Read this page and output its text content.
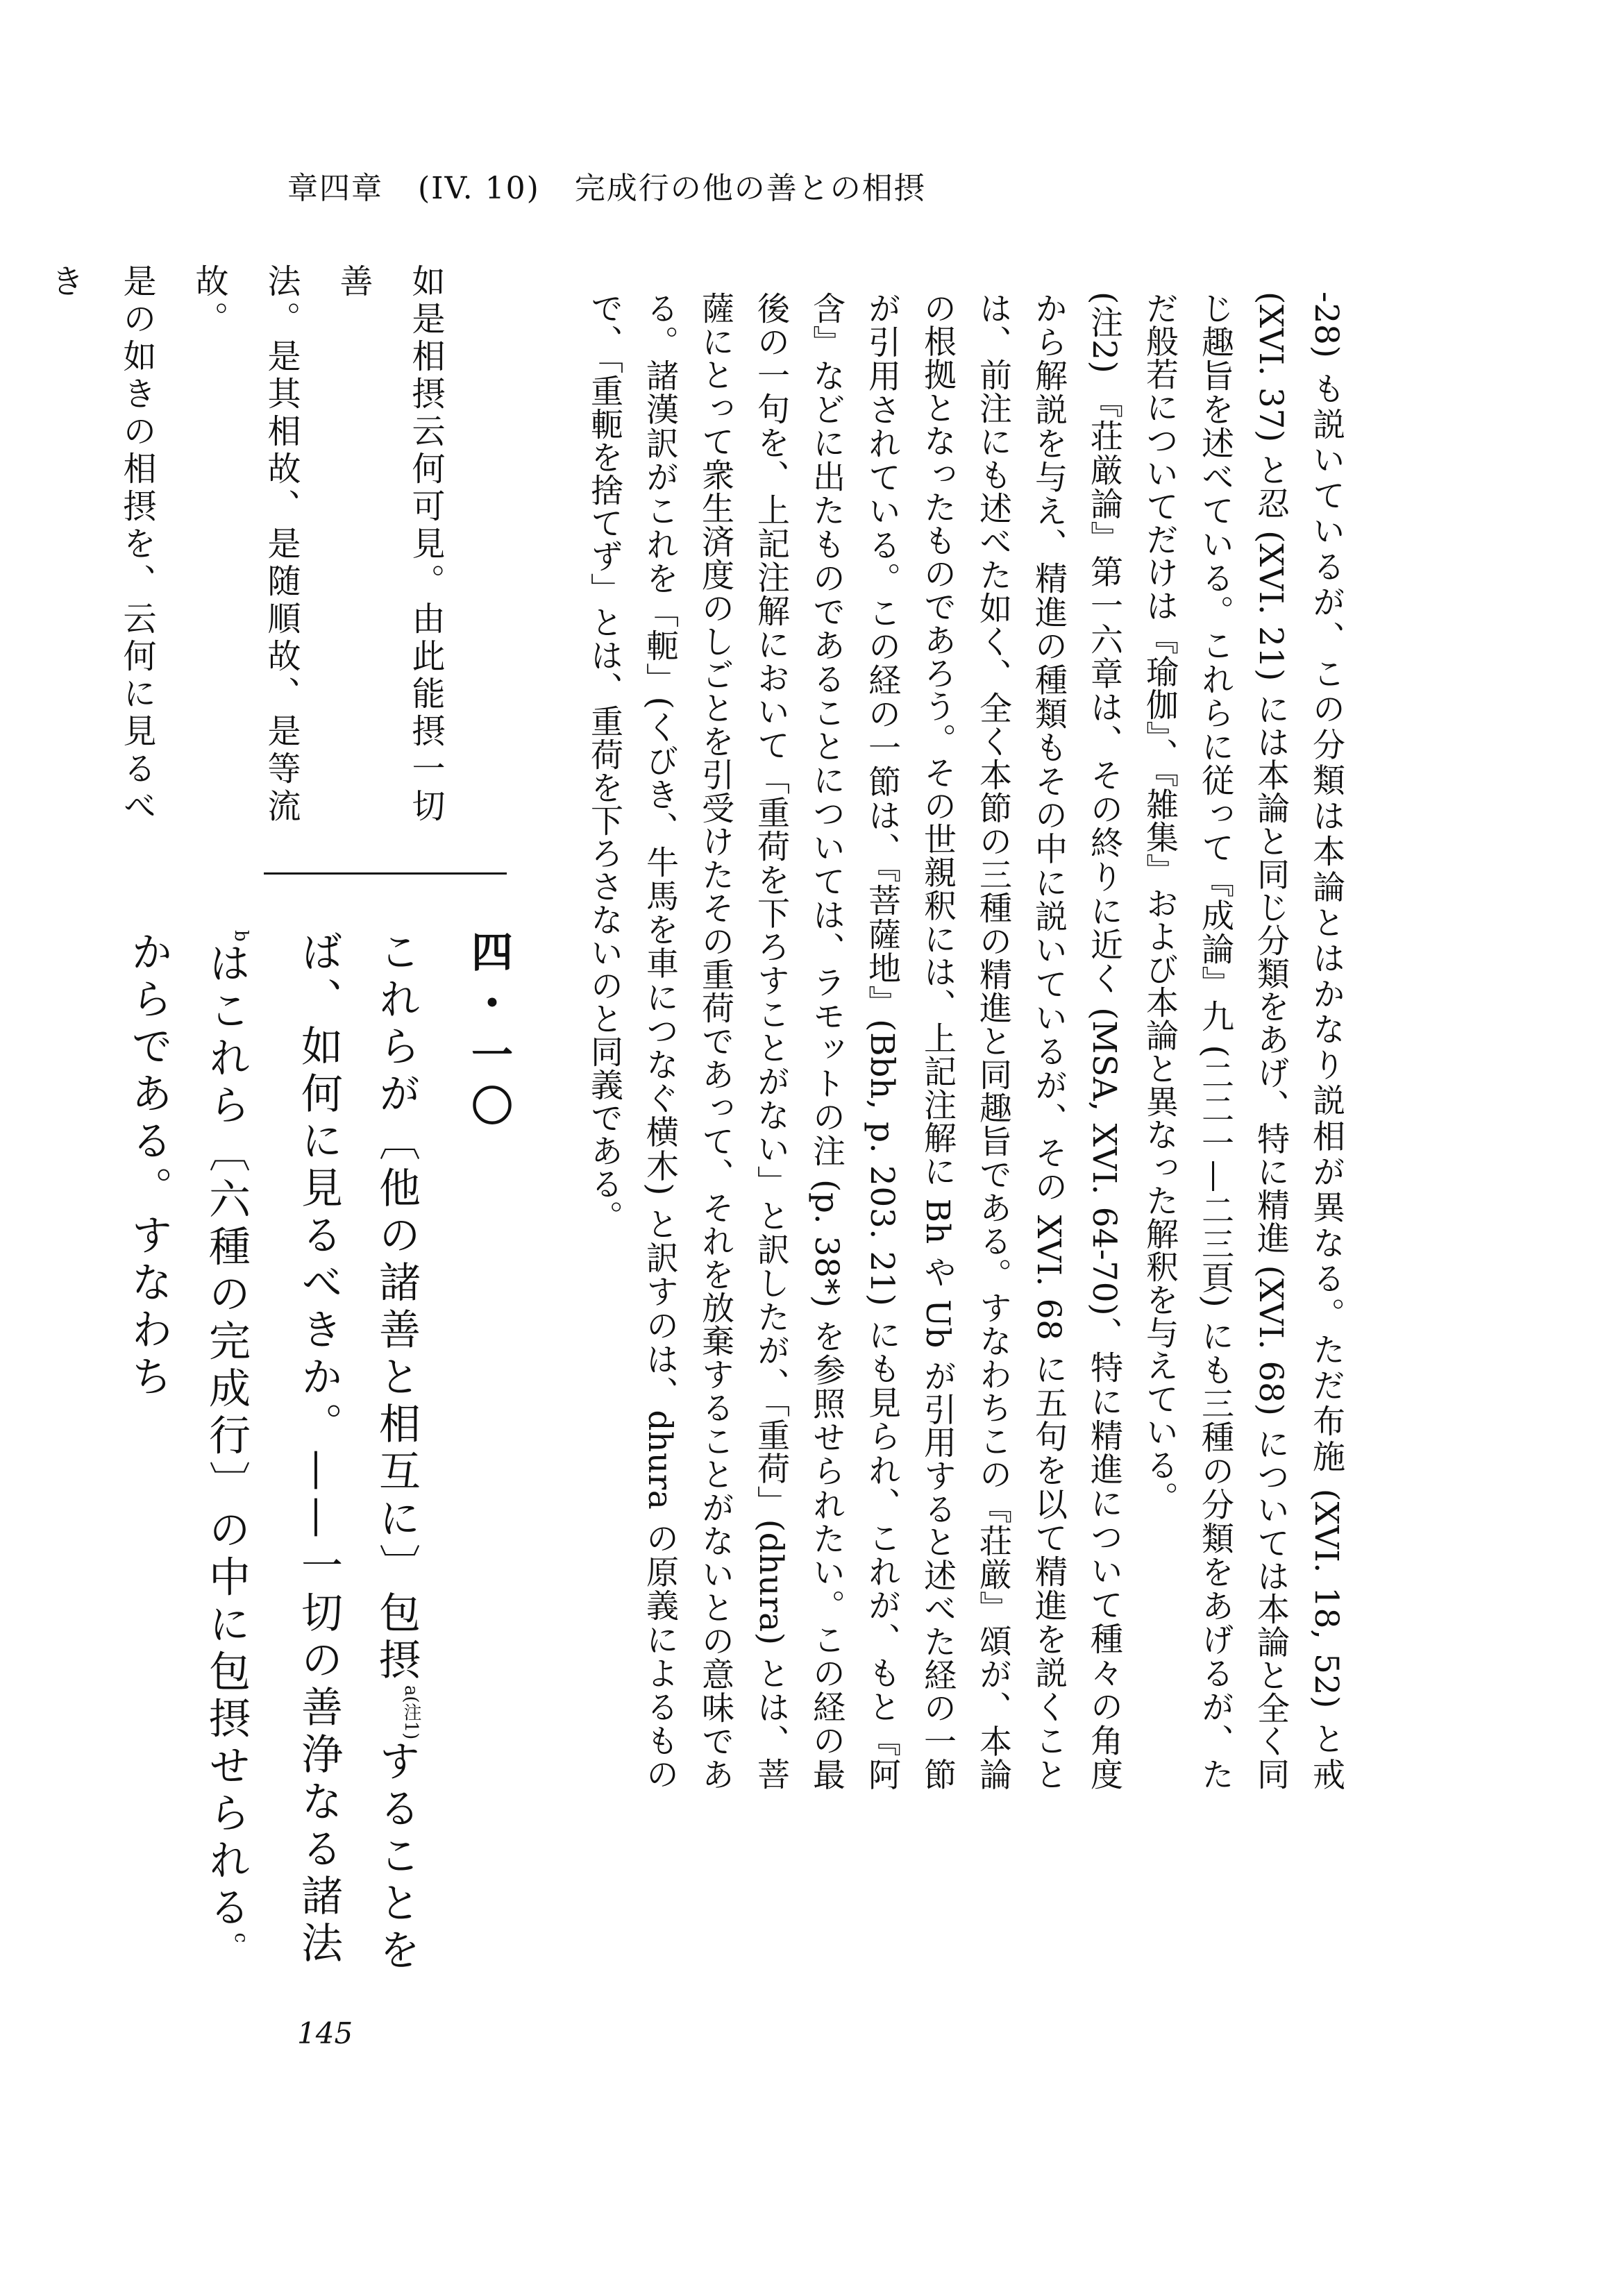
章四章 (IV. 10) 完成行の他の善との相摂

-28) も説いているが、この分類は本論とはかなり説相が異なる。ただ布施 (XVI. 18, 52) と戒 (XVI. 37) と忍 (XVI. 21) には本論と同じ分類をあげ、特に精進 (XVI. 68) については本論と全く同じ趣旨を述べている。これらに従って『成論』九 (二二一—二三頁) にも三種の分類をあげるが、ただ般若についてだけは『瑜伽』、『雑集』および本論と異なった解釈を与えている。

(注2) 『荘厳論』第一六章は、その終りに近く (MSA, XVI. 64-70)、特に精進について種々の角度から解説を与え、精進の種類もその中に説いているが、その XVI. 68 に五句を以て精進を説くことは、前注にも述べた如く、全く本節の三種の精進と同趣旨である。すなわちこの『荘厳』頌が、本論の根拠となったものであろう。その世親釈には、上記注解に Bh や Ub が引用すると述べた経の一節が引用されている。この経の一節は、『菩薩地』(Bbh, p. 203. 21) にも見られ、これが、もと『阿含』などに出たものであることについては、ラモットの注 (p. 38*) を参照せられたい。この経の最後の一句を、上記注解において「重荷を下ろすことがない」と訳したが、「重荷」(dhura) とは、菩薩にとって衆生済度のしごとを引受けたその重荷であって、それを放棄することがないとの意味である。諸漢訳がこれを「軛」(くびき、牛馬を車につなぐ横木) と訳すのは、dhura の原義によるもので、「重軛を捨てず」とは、重荷を下ろさないのと同義である。

如是相摂云何可見。由此能摂一切善

法。是其相故、是随順故、是等流故。

是の如きの相摂を、云何に見るべき

四・一〇
これらが〔他の諸善と相互に〕包摂$^{a(注1)}$することをば、如何に見るべきか。——一切の善浄なる諸法$^b$はこれら〔六種の完成行〕の中に包摂せられる$^c$からである。すなわち
145
